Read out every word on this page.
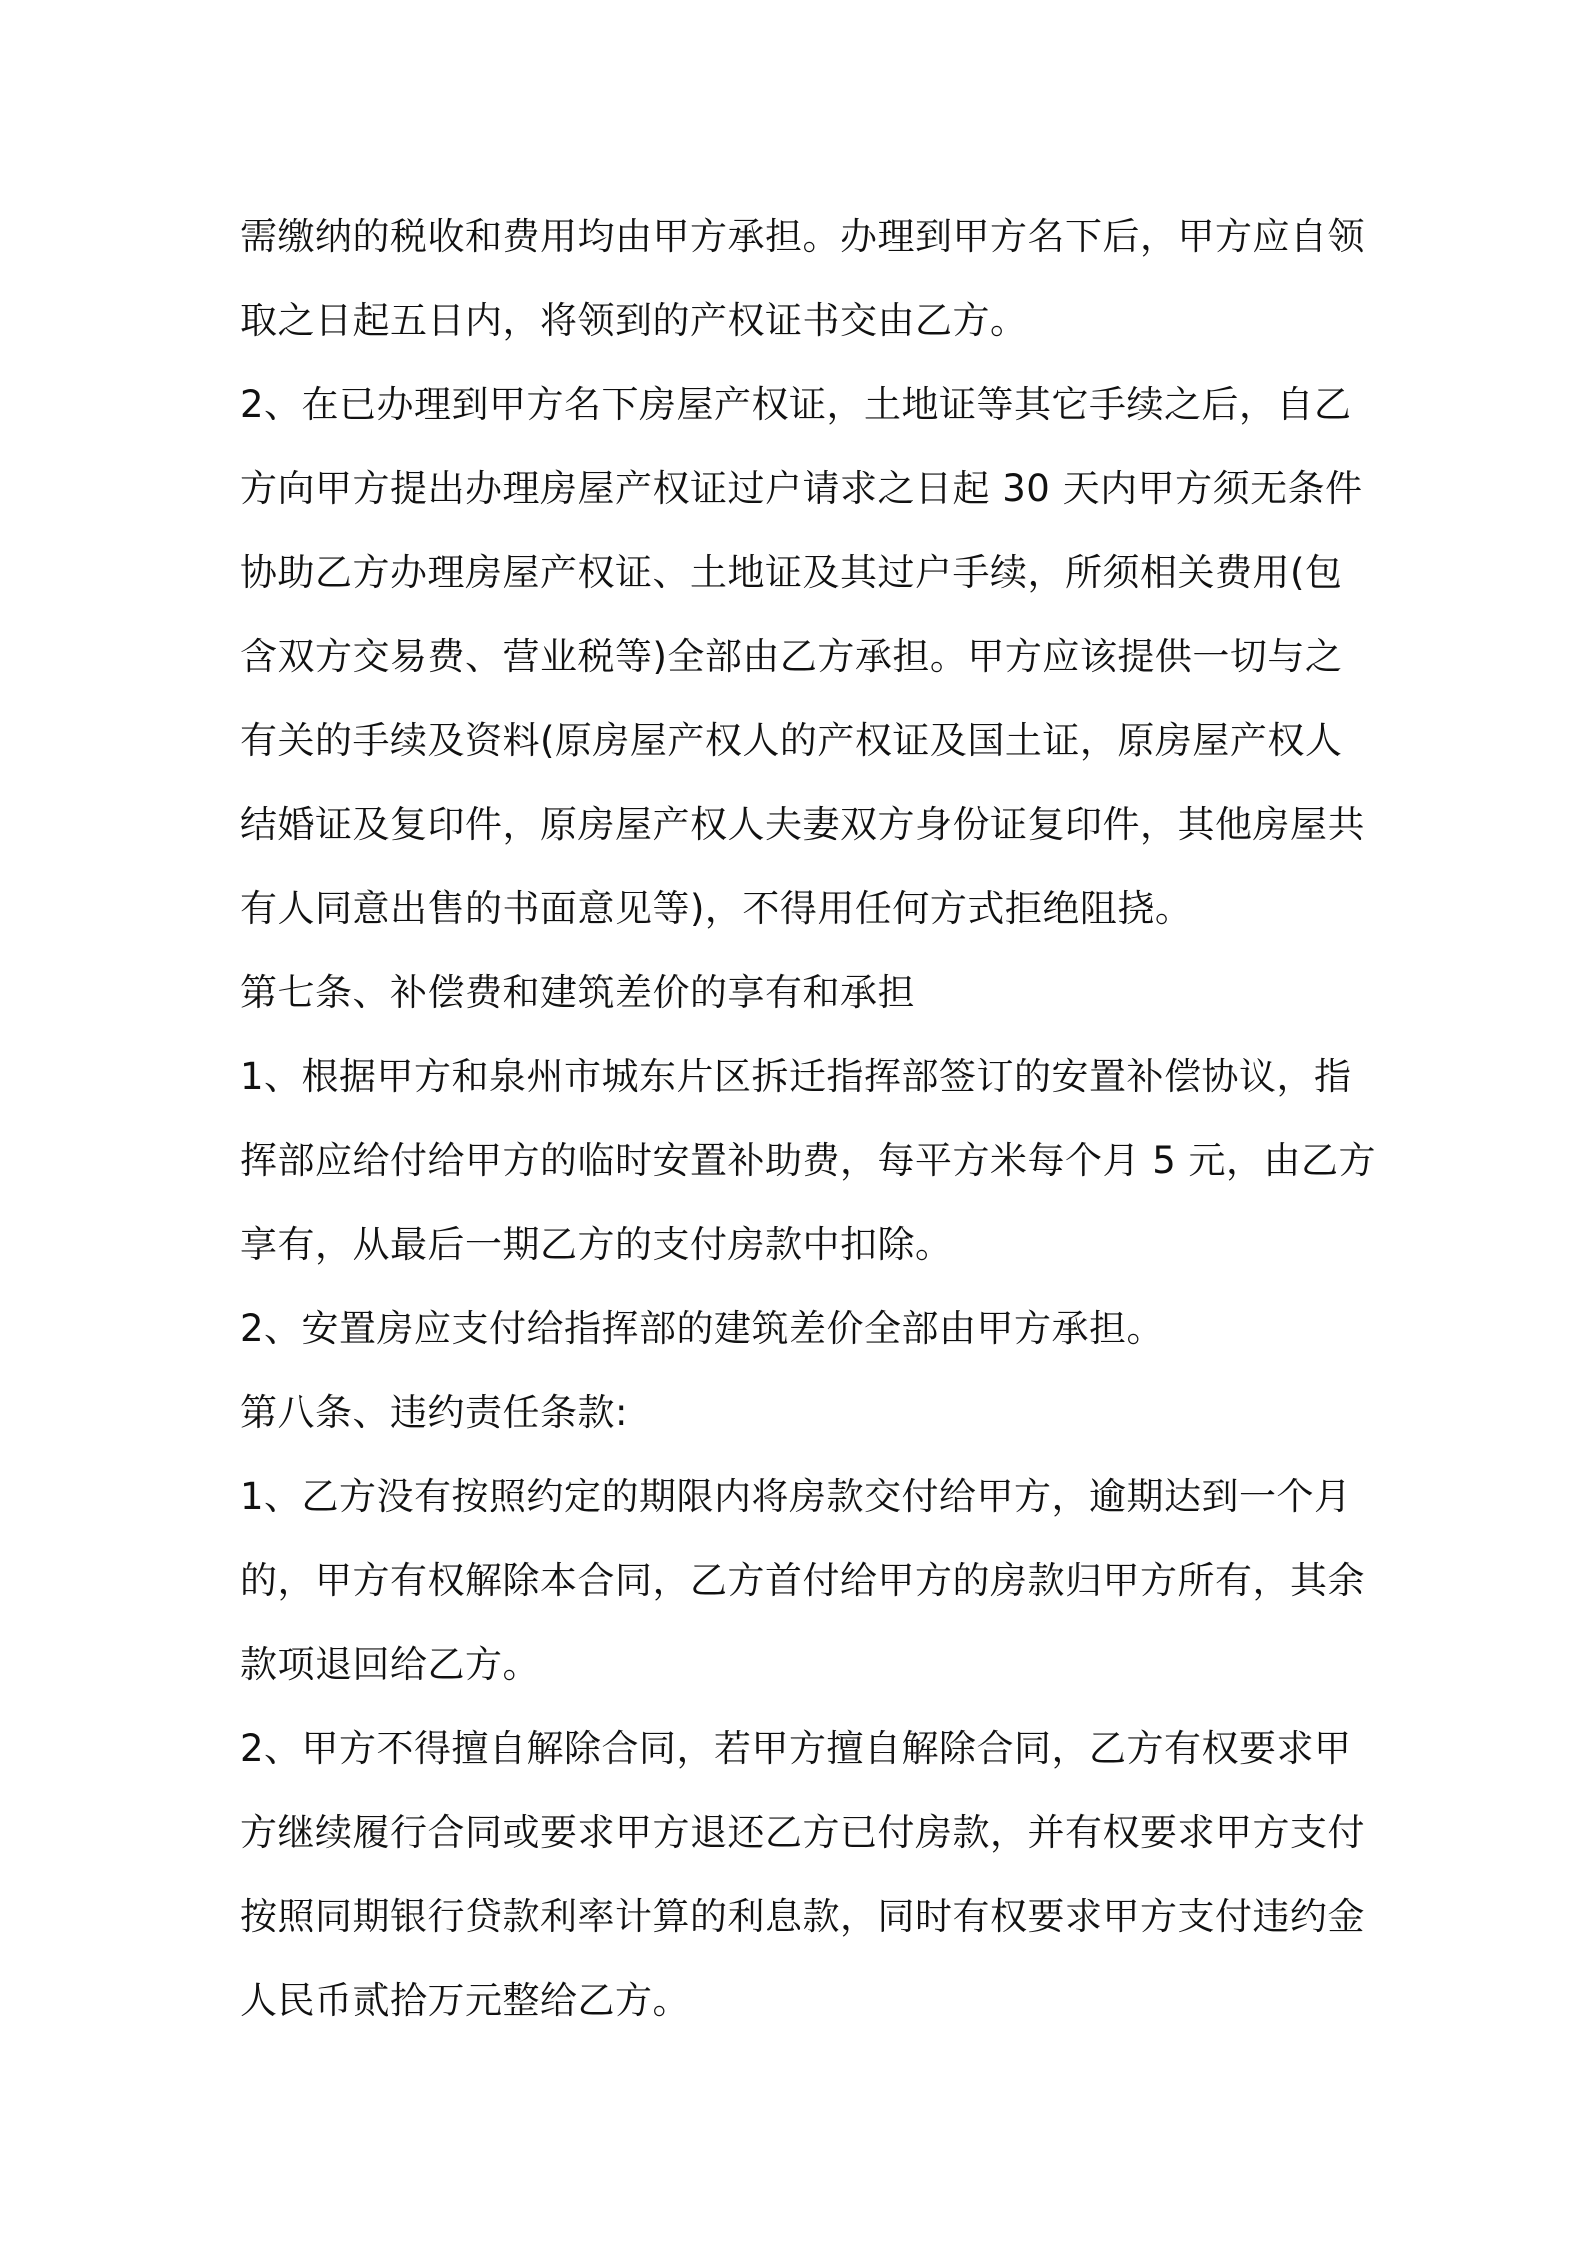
需缴纳的税收和费用均由甲方承担。办理到甲方名下后，甲方应自领
取之日起五日内，将领到的产权证书交由乙方。
2、在已办理到甲方名下房屋产权证，土地证等其它手续之后，自乙
方向甲方提出办理房屋产权证过户请求之日起 30 天内甲方须无条件
协助乙方办理房屋产权证、土地证及其过户手续，所须相关费用(包
含双方交易费、营业税等)全部由乙方承担。甲方应该提供一切与之
有关的手续及资料(原房屋产权人的产权证及国土证，原房屋产权人
结婚证及复印件，原房屋产权人夫妻双方身份证复印件，其他房屋共
有人同意出售的书面意见等)，不得用任何方式拒绝阻挠。
第七条、补偿费和建筑差价的享有和承担
1、根据甲方和泉州市城东片区拆迁指挥部签订的安置补偿协议，指
挥部应给付给甲方的临时安置补助费，每平方米每个月 5 元，由乙方
享有，从最后一期乙方的支付房款中扣除。
2、安置房应支付给指挥部的建筑差价全部由甲方承担。
第八条、违约责任条款:
1、乙方没有按照约定的期限内将房款交付给甲方，逾期达到一个月
的，甲方有权解除本合同，乙方首付给甲方的房款归甲方所有，其余
款项退回给乙方。
2、甲方不得擅自解除合同，若甲方擅自解除合同，乙方有权要求甲
方继续履行合同或要求甲方退还乙方已付房款，并有权要求甲方支付
按照同期银行贷款利率计算的利息款，同时有权要求甲方支付违约金
人民币贰拾万元整给乙方。
